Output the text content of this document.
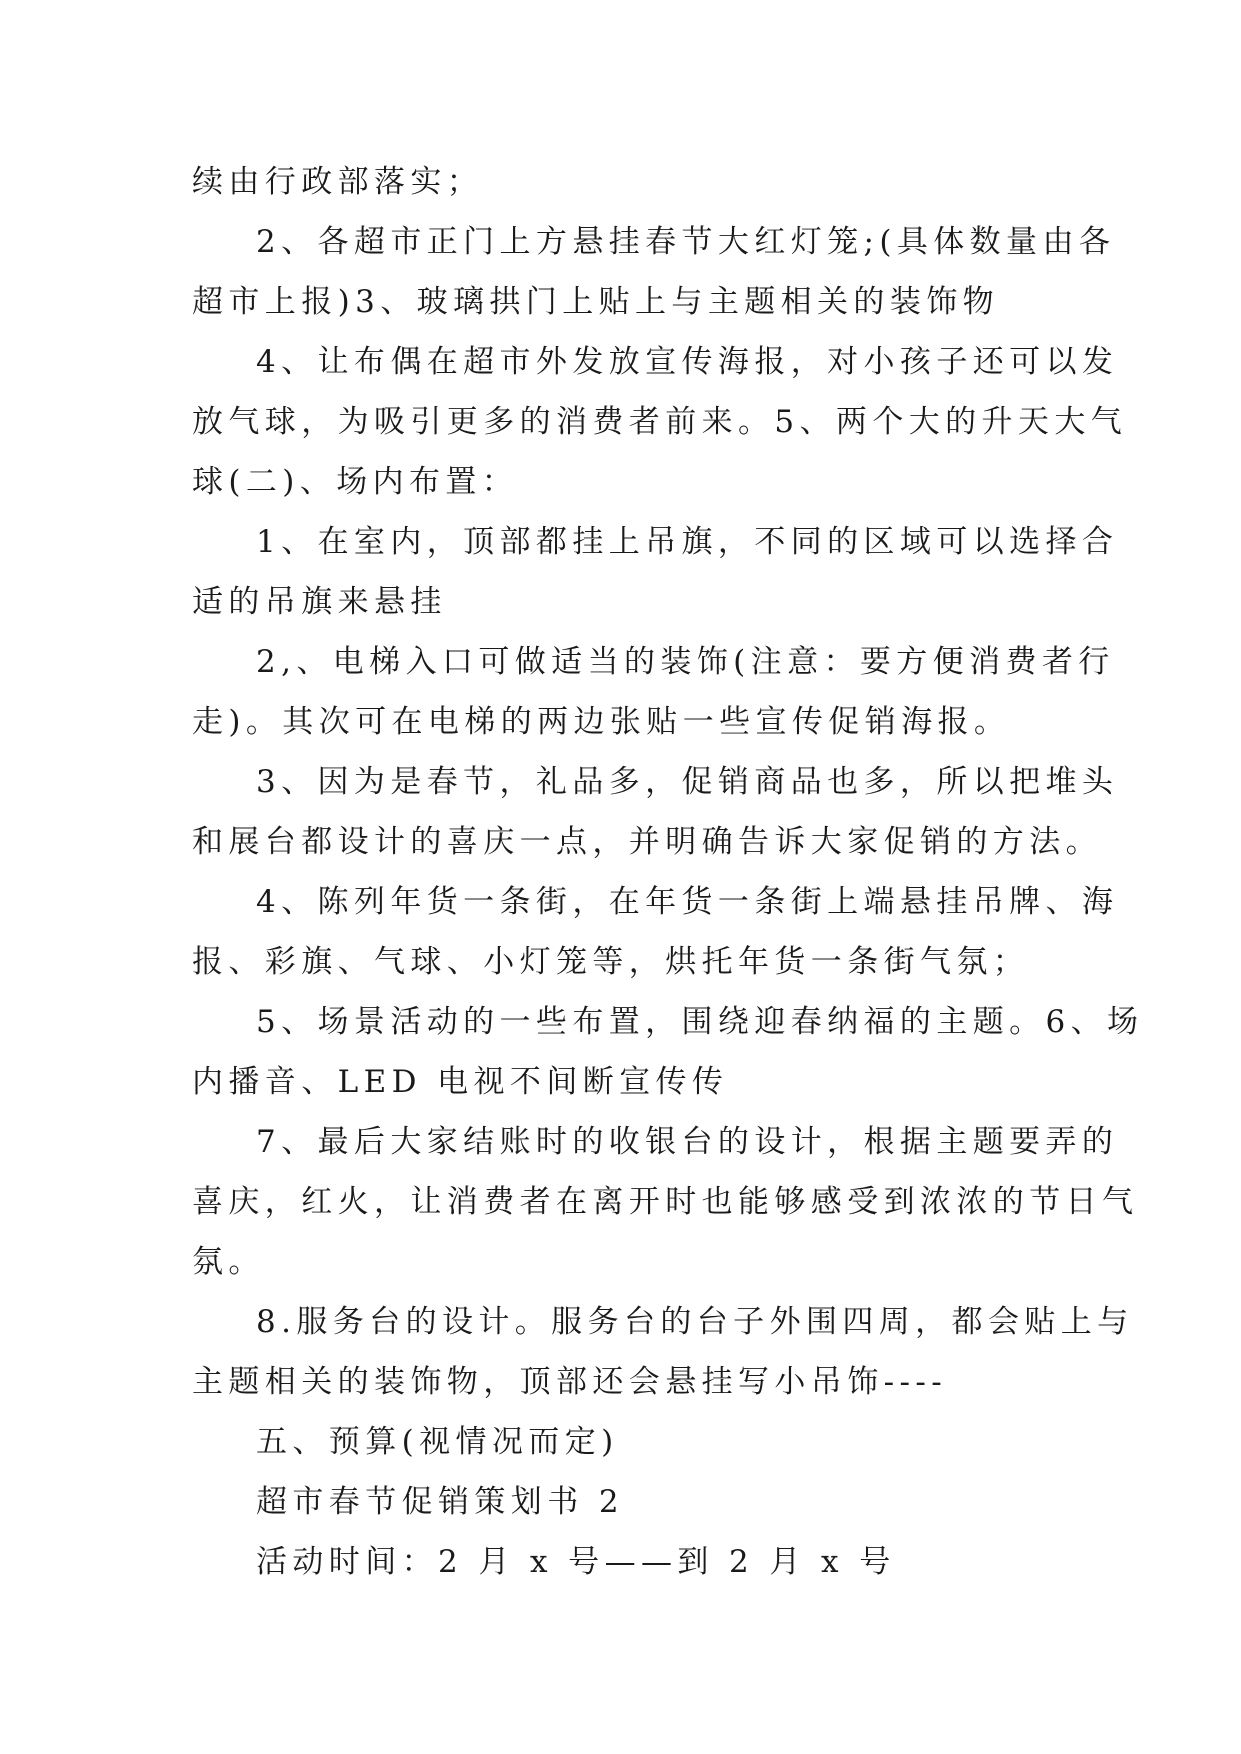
续由行政部落实；
2、各超市正门上方悬挂春节大红灯笼;(具体数量由各
超市上报)3、玻璃拱门上贴上与主题相关的装饰物
4、让布偶在超市外发放宣传海报，对小孩子还可以发
放气球，为吸引更多的消费者前来。5、两个大的升天大气
球(二)、场内布置：
1、在室内，顶部都挂上吊旗，不同的区域可以选择合
适的吊旗来悬挂
2,、电梯入口可做适当的装饰(注意：要方便消费者行
走)。其次可在电梯的两边张贴一些宣传促销海报。
3、因为是春节，礼品多，促销商品也多，所以把堆头
和展台都设计的喜庆一点，并明确告诉大家促销的方法。
4、陈列年货一条街，在年货一条街上端悬挂吊牌、海
报、彩旗、气球、小灯笼等，烘托年货一条街气氛；
5、场景活动的一些布置，围绕迎春纳福的主题。6、场
内播音、LED 电视不间断宣传传
7、最后大家结账时的收银台的设计，根据主题要弄的
喜庆，红火，让消费者在离开时也能够感受到浓浓的节日气
氛。
8.服务台的设计。服务台的台子外围四周，都会贴上与
主题相关的装饰物，顶部还会悬挂写小吊饰----
五、预算(视情况而定)
超市春节促销策划书 2
活动时间：2 月 x 号——到 2 月 x 号
